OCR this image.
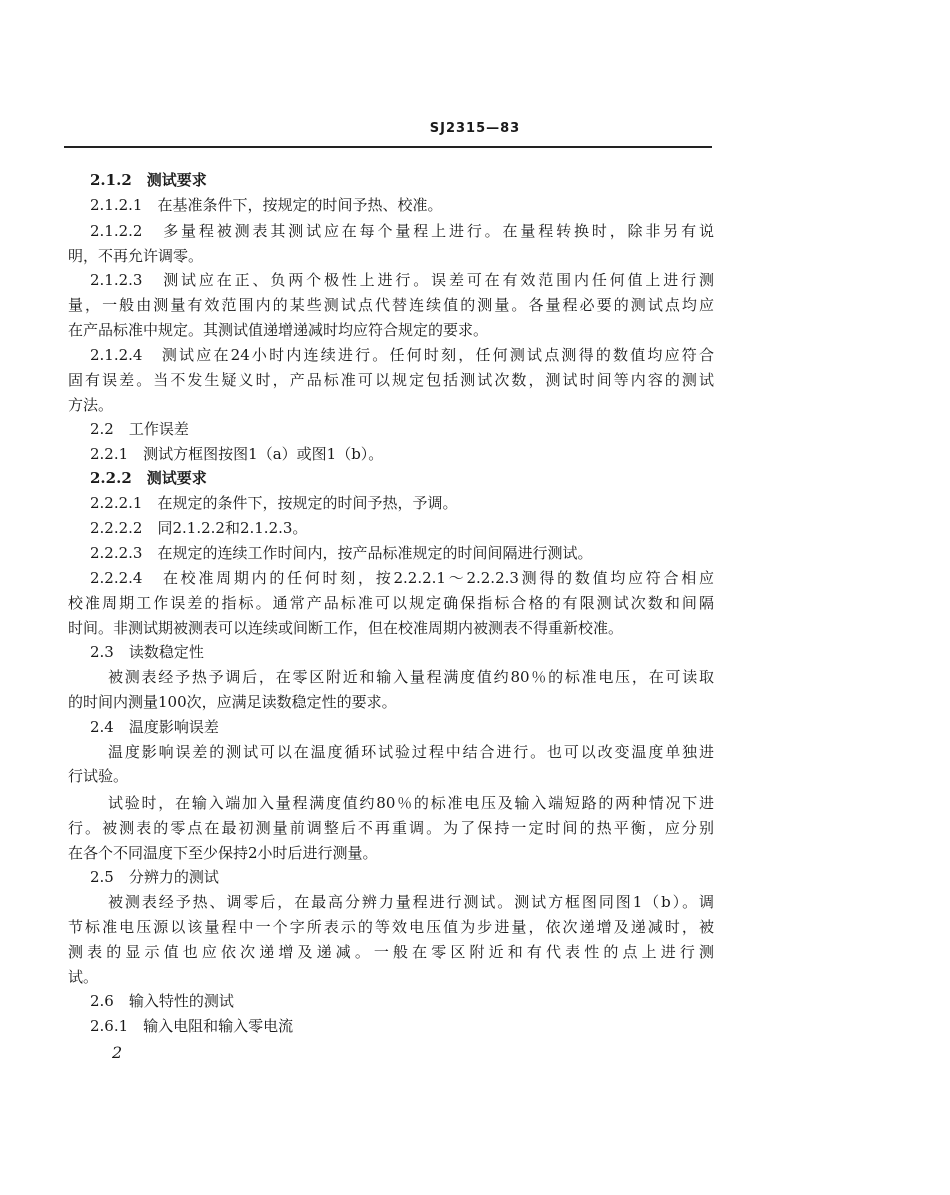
SJ2315—83
2.1.2　测试要求
2.1.2.1　在基准条件下，按规定的时间予热、校准。
2.1.2.2　多量程被测表其测试应在每个量程上进行。在量程转换时，除非另有说
明，不再允许调零。
2.1.2.3　测试应在正、负两个极性上进行。误差可在有效范围内任何值上进行测
量，一般由测量有效范围内的某些测试点代替连续值的测量。各量程必要的测试点均应
在产品标准中规定。其测试值递增递减时均应符合规定的要求。
2.1.2.4　测试应在24小时内连续进行。任何时刻，任何测试点测得的数值均应符合
固有误差。当不发生疑义时，产品标准可以规定包括测试次数，测试时间等内容的测试
方法。
2.2　工作误差
2.2.1　测试方框图按图1（a）或图1（b）。
2.2.2　测试要求
2.2.2.1　在规定的条件下，按规定的时间予热，予调。
2.2.2.2　同2.1.2.2和2.1.2.3。
2.2.2.3　在规定的连续工作时间内，按产品标准规定的时间间隔进行测试。
2.2.2.4　在校准周期内的任何时刻，按2.2.2.1～2.2.2.3测得的数值均应符合相应
校准周期工作误差的指标。通常产品标准可以规定确保指标合格的有限测试次数和间隔
时间。非测试期被测表可以连续或间断工作，但在校准周期内被测表不得重新校准。
2.3　读数稳定性
被测表经予热予调后，在零区附近和输入量程满度值约80％的标准电压，在可读取
的时间内测量100次，应满足读数稳定性的要求。
2.4　温度影响误差
温度影响误差的测试可以在温度循环试验过程中结合进行。也可以改变温度单独进
行试验。
试验时，在输入端加入量程满度值约80％的标准电压及输入端短路的两种情况下进
行。被测表的零点在最初测量前调整后不再重调。为了保持一定时间的热平衡，应分别
在各个不同温度下至少保持2小时后进行测量。
2.5　分辨力的测试
被测表经予热、调零后，在最高分辨力量程进行测试。测试方框图同图1（b）。调
节标准电压源以该量程中一个字所表示的等效电压值为步进量，依次递增及递减时，被
测表的显示值也应依次递增及递减。一般在零区附近和有代表性的点上进行测
试。
2.6　输入特性的测试
2.6.1　输入电阻和输入零电流
2
